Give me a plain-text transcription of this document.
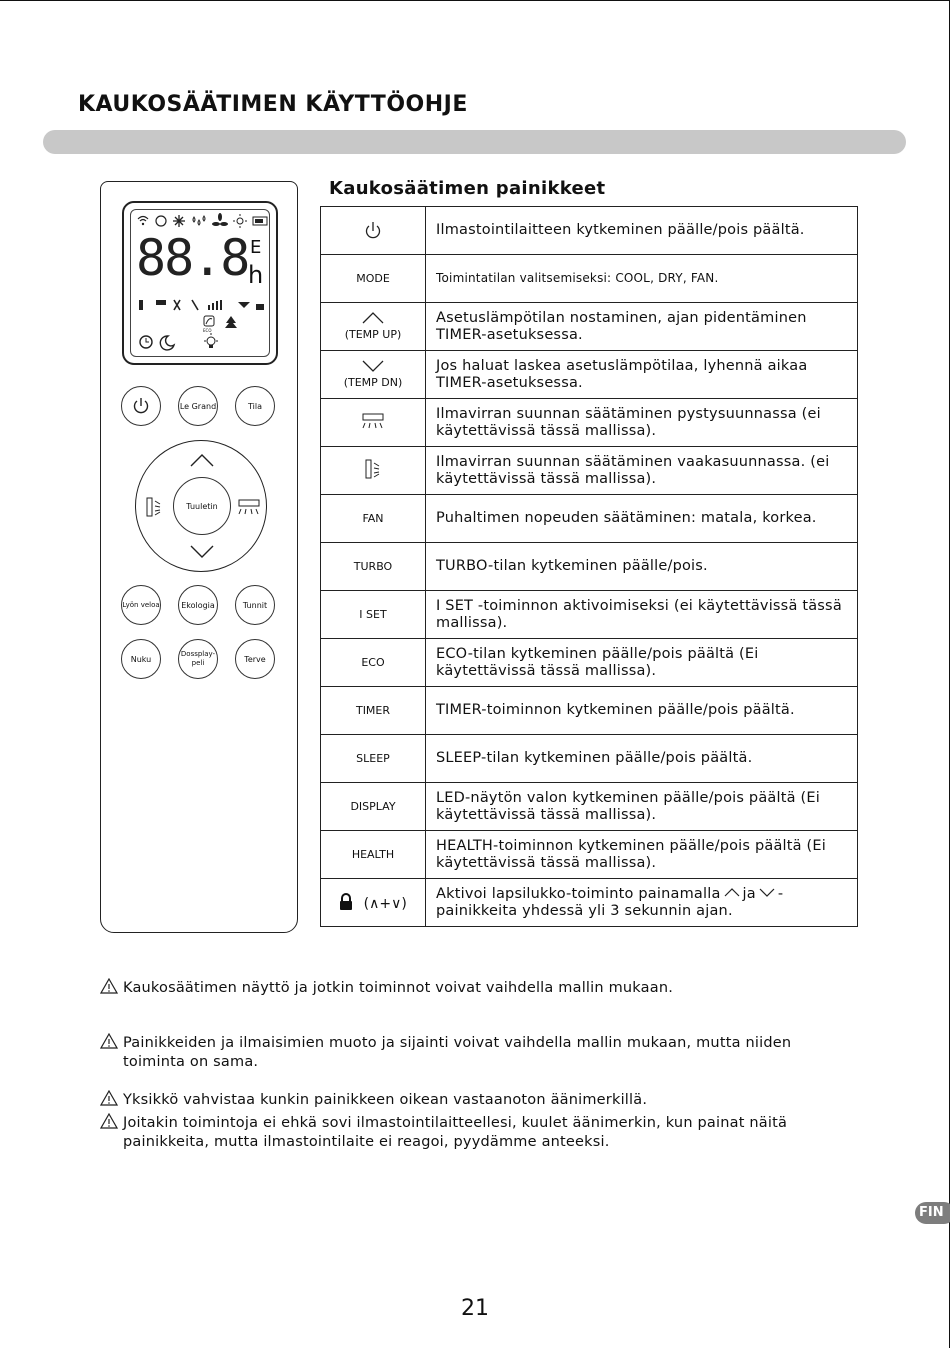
KAUKOSÄÄTIMEN KÄYTTÖOHJE
Kaukosäätimen painikkeet
88.8 E
h
ECO
Le Grand	Tila
Tuuletin
Lyön veloa	Ekologia	Tunnit
Nuku
Dossplay-peli	Terve
	Ilmastointilaitteen kytkeminen päälle/pois päältä.
MODE	Toimintatilan valitsemiseksi: COOL, DRY, FAN.

(TEMP UP)	Asetuslämpötilan nostaminen, ajan pidentäminen TIMER-asetuksessa.

(TEMP DN)	Jos haluat laskea asetuslämpötilaa, lyhennä aikaa TIMER-asetuksessa.
	Ilmavirran suunnan säätäminen pystysuunnassa (ei käytettävissä tässä mallissa).
	Ilmavirran suunnan säätäminen vaakasuunnassa. (ei käytettävissä tässä mallissa).
FAN	Puhaltimen nopeuden säätäminen: matala, korkea.
TURBO	TURBO-tilan kytkeminen päälle/pois.
I SET	I SET -toiminnon aktivoimiseksi (ei käytettävissä tässä mallissa).
ECO	ECO-tilan kytkeminen päälle/pois päältä (Ei käytettävissä tässä mallissa).
TIMER	TIMER-toiminnon kytkeminen päälle/pois päältä.
SLEEP	SLEEP-tilan kytkeminen päälle/pois päältä.
DISPLAY	LED-näytön valon kytkeminen päälle/pois päältä (Ei käytettävissä tässä mallissa).
HEALTH	HEALTH-toiminnon kytkeminen päälle/pois päältä (Ei käytettävissä tässä mallissa).
(∧+∨)	Aktivoi lapsilukko-toiminto painamalla ja -
painikkeita yhdessä yli 3 sekunnin ajan.
Kaukosäätimen näyttö ja jotkin toiminnot voivat vaihdella mallin mukaan.
Painikkeiden ja ilmaisimien muoto ja sijainti voivat vaihdella mallin mukaan, mutta niiden
toiminta on sama.
Yksikkö vahvistaa kunkin painikkeen oikean vastaanoton äänimerkillä.
Joitakin toimintoja ei ehkä sovi ilmastointilaitteellesi, kuulet äänimerkin, kun painat näitä
painikkeita, mutta ilmastointilaite ei reagoi, pyydämme anteeksi.
FIN
21
